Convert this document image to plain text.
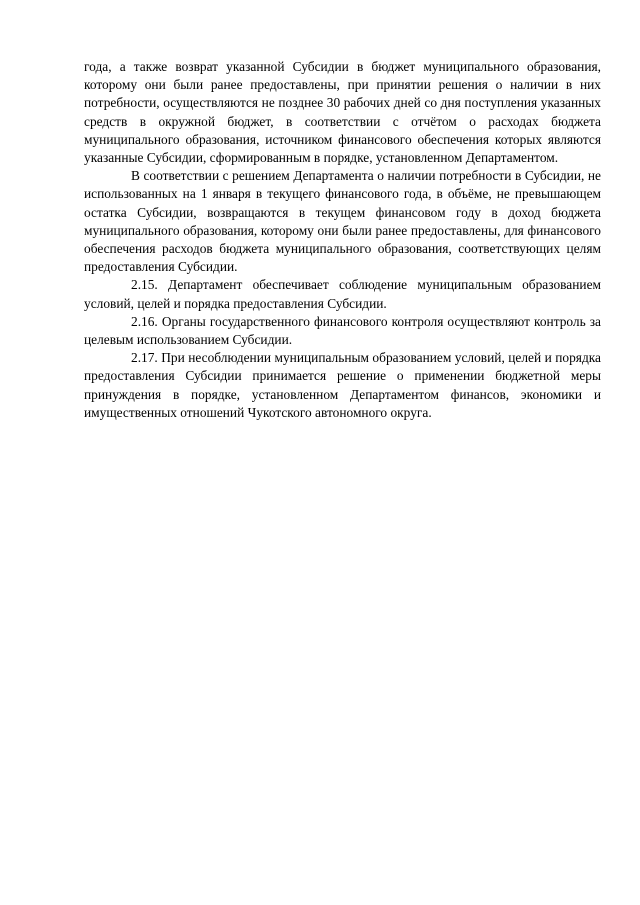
года, а также возврат указанной Субсидии в бюджет муниципального образования, которому они были ранее предоставлены, при принятии решения о наличии в них потребности, осуществляются не позднее 30 рабочих дней со дня поступления указанных средств в окружной бюджет, в соответствии с отчётом о расходах бюджета муниципального образования, источником финансового обеспечения которых являются указанные Субсидии, сформированным в порядке, установленном Департаментом.

В соответствии с решением Департамента о наличии потребности в Субсидии, не использованных на 1 января в текущего финансового года, в объёме, не превышающем остатка Субсидии, возвращаются в текущем финансовом году в доход бюджета муниципального образования, которому они были ранее предоставлены, для финансового обеспечения расходов бюджета муниципального образования, соответствующих целям предоставления Субсидии.

2.15. Департамент обеспечивает соблюдение муниципальным образованием условий, целей и порядка предоставления Субсидии.

2.16. Органы государственного финансового контроля осуществляют контроль за целевым использованием Субсидии.

2.17. При несоблюдении муниципальным образованием условий, целей и порядка предоставления Субсидии принимается решение о применении бюджетной меры принуждения в порядке, установленном Департаментом финансов, экономики и имущественных отношений Чукотского автономного округа.
